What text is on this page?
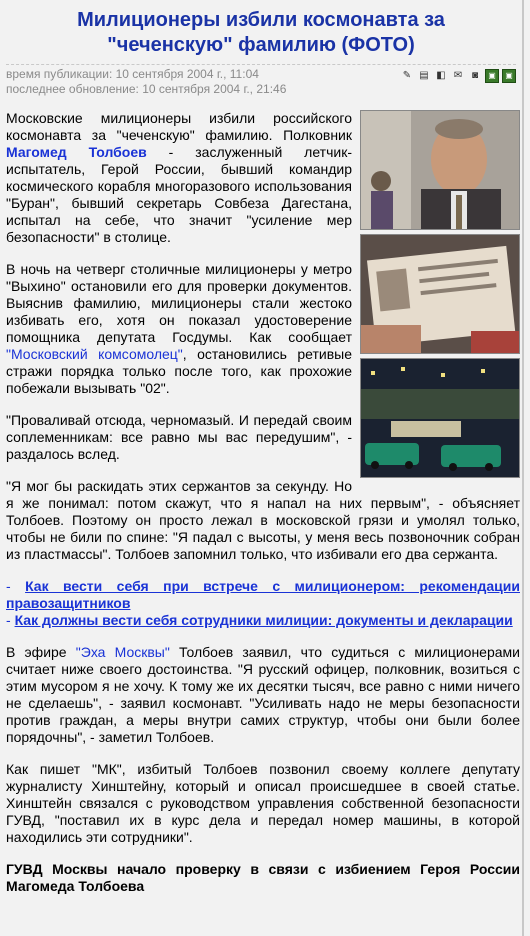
Милиционеры избили космонавта за "чеченскую" фамилию (ФОТО)
время публикации: 10 сентября 2004 г., 11:04
последнее обновление: 10 сентября 2004 г., 21:46
✎ ▤ ◧ ✉ ◙	▣	▣

Московские милиционеры избили российского космонавта за "чеченскую" фамилию. Полковник Магомед Толбоев - заслуженный летчик-испытатель, Герой России, бывший командир космического корабля многоразового использования "Буран", бывший секретарь Совбеза Дагестана, испытал на себе, что значит "усиление мер безопасности" в столице.

В ночь на четверг столичные милиционеры у метро "Выхино" остановили его для проверки документов. Выяснив фамилию, милиционеры стали жестоко избивать его, хотя он показал удостоверение помощника депутата Госдумы. Как сообщает "Московский комсомолец", остановились ретивые стражи порядка только после того, как прохожие побежали вызывать "02".

"Проваливай отсюда, черномазый. И передай своим соплеменникам: все равно мы вас передушим", - раздалось вслед.

"Я мог бы раскидать этих сержантов за секунду. Но я же понимал: потом скажут, что я напал на них первым", - объясняет Толбоев. Поэтому он просто лежал в московской грязи и умолял только, чтобы не били по спине: "Я падал с высоты, у меня весь позвоночник собран из пластмассы". Толбоев запомнил только, что избивали его два сержанта.

- Как вести себя при встрече с милиционером: рекомендации правозащитников
- Как должны вести себя сотрудники милиции: документы и декларации

В эфире "Эха Москвы" Толбоев заявил, что судиться с милиционерами считает ниже своего достоинства. "Я русский офицер, полковник, возиться с этим мусором я не хочу. К тому же их десятки тысяч, все равно с ними ничего не сделаешь", - заявил космонавт. "Усиливать надо не меры безопасности против граждан, а меры внутри самих структур, чтобы они были более порядочны", - заметил Толбоев.

Как пишет "МК", избитый Толбоев позвонил своему коллеге депутату журналисту Хинштейну, который и описал происшедшее в своей статье. Хинштейн связался с руководством управления собственной безопасности ГУВД, "поставил их в курс дела и передал номер машины, в которой находились эти сотрудники".

ГУВД Москвы начало проверку в связи с избиением Героя России Магомеда Толбоева
